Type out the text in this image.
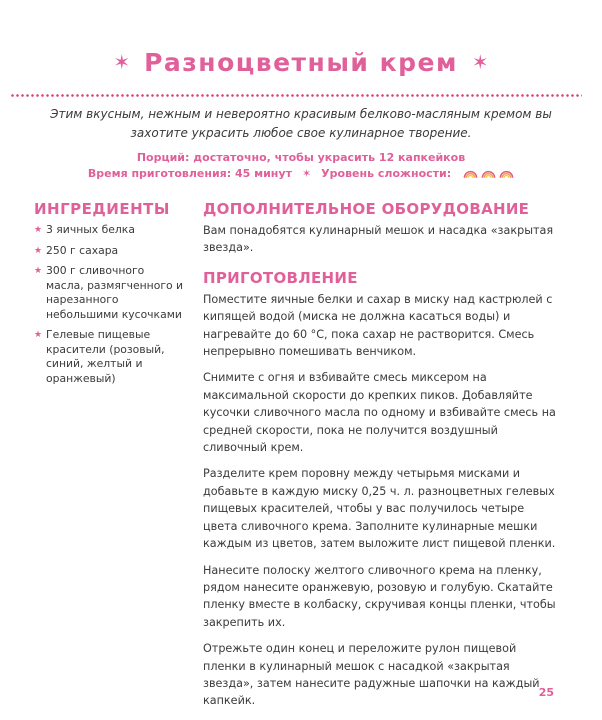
✶ Разноцветный крем ✶

Этим вкусным, нежным и невероятно красивым белково-масляным кремом вы захотите украсить любое свое кулинарное творение.

Порций: достаточно, чтобы украсить 12 капкейков
Время приготовления: 45 минут ✶ Уровень сложности:
ИНГРЕДИЕНТЫ
★ 3 яичных белка
★ 250 г сахара
★ 300 г сливочного масла, размягченного и нарезанного небольшими кусочками
★ Гелевые пищевые красители (розовый, синий, желтый и оранжевый)
ДОПОЛНИТЕЛЬНОЕ ОБОРУДОВАНИЕ

Вам понадобятся кулинарный мешок и насадка «закрытая звезда».

ПРИГОТОВЛЕНИЕ

Поместите яичные белки и сахар в миску над кастрюлей с кипящей водой (миска не должна касаться воды) и нагревайте до 60 °С, пока сахар не растворится. Смесь непрерывно помешивать венчиком.

Снимите с огня и взбивайте смесь миксером на максимальной скорости до крепких пиков. Добавляйте кусочки сливочного масла по одному и взбивайте смесь на средней скорости, пока не получится воздушный сливочный крем.

Разделите крем поровну между четырьмя мисками и добавьте в каждую миску 0,25 ч. л. разноцветных гелевых пищевых красителей, чтобы у вас получилось четыре цвета сливочного крема. Заполните кулинарные мешки каждым из цветов, затем выложите лист пищевой пленки.

Нанесите полоску желтого сливочного крема на пленку, рядом нанесите оранжевую, розовую и голубую. Скатайте пленку вместе в колбаску, скручивая концы пленки, чтобы закрепить их.

Отрежьте один конец и переложите рулон пищевой пленки в кулинарный мешок с насадкой «закрытая звезда», затем нанесите радужные шапочки на каждый капкейк.

25
